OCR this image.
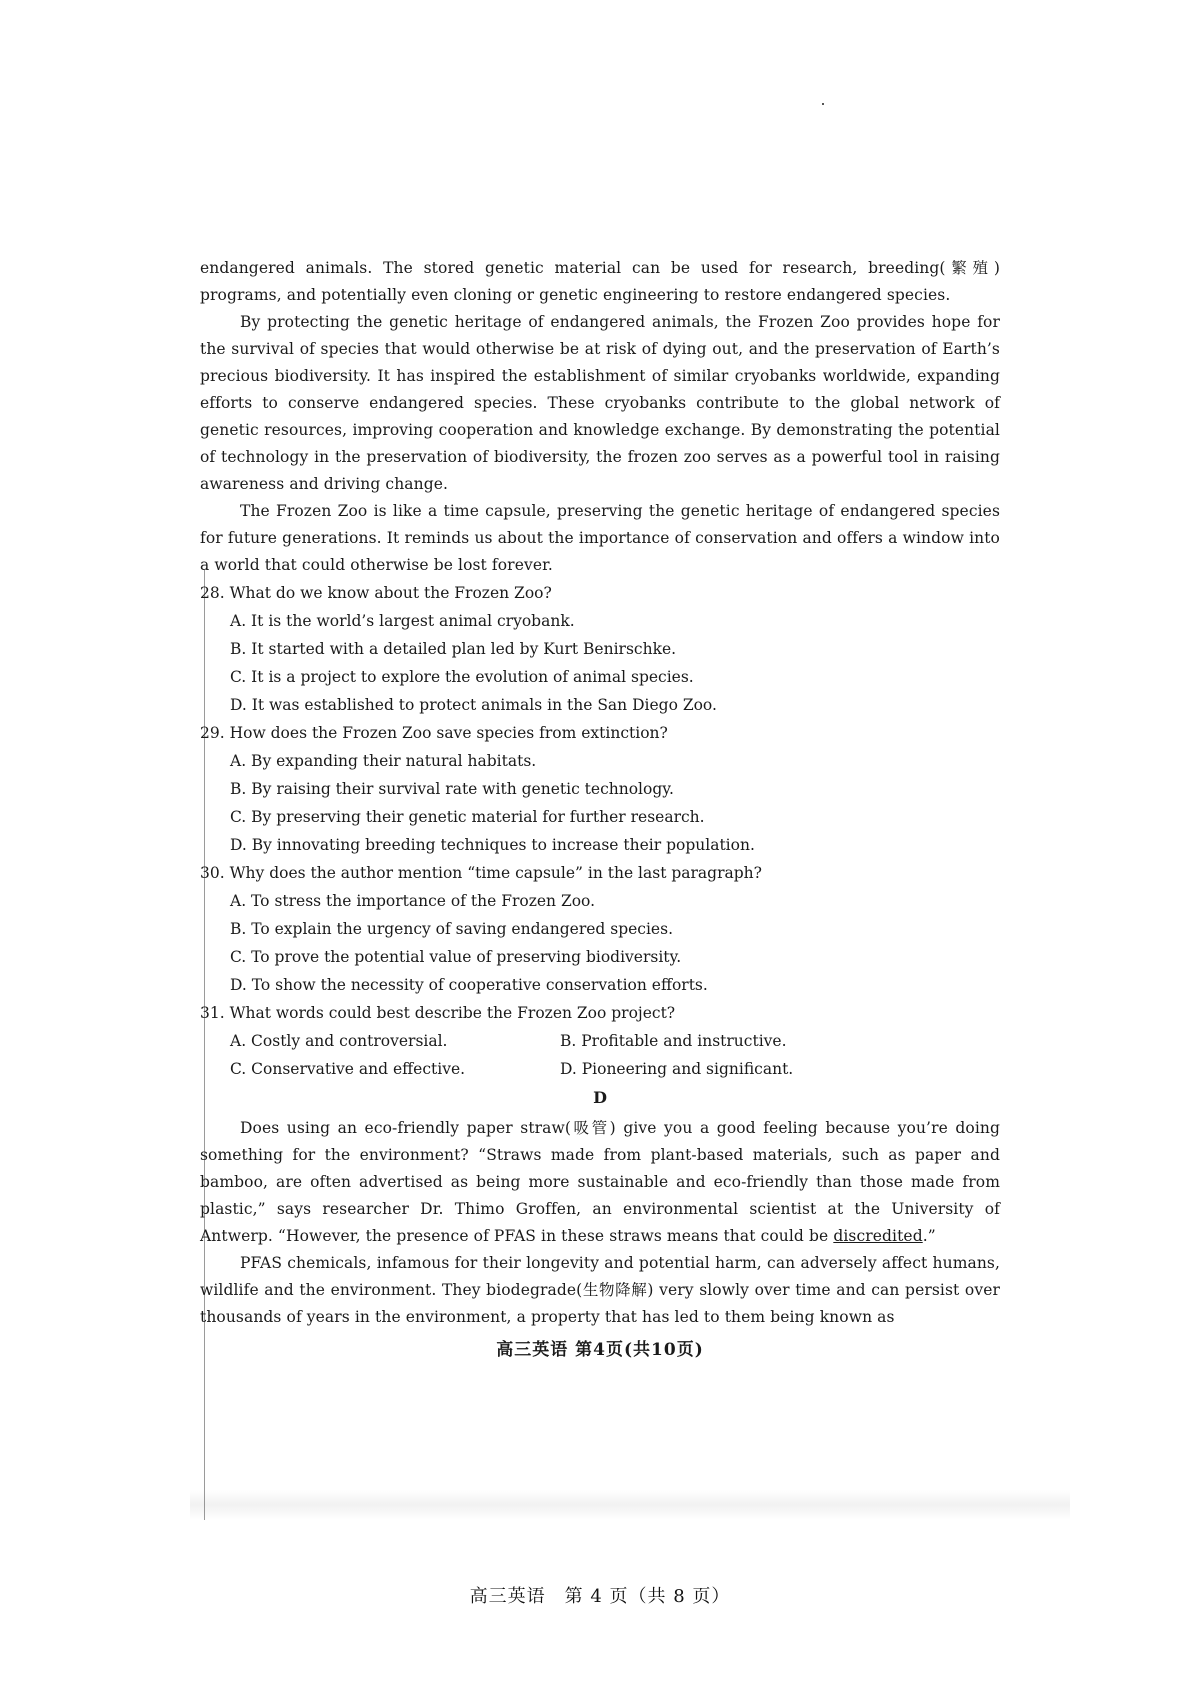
endangered animals. The stored genetic material can be used for research, breeding(繁殖) programs, and potentially even cloning or genetic engineering to restore endangered species.

By protecting the genetic heritage of endangered animals, the Frozen Zoo provides hope for the survival of species that would otherwise be at risk of dying out, and the preservation of Earth’s precious biodiversity. It has inspired the establishment of similar cryobanks worldwide, expanding efforts to conserve endangered species. These cryobanks contribute to the global network of genetic resources, improving cooperation and knowledge exchange. By demonstrating the potential of technology in the preservation of biodiversity, the frozen zoo serves as a powerful tool in raising awareness and driving change.

The Frozen Zoo is like a time capsule, preserving the genetic heritage of endangered species for future generations. It reminds us about the importance of conservation and offers a window into a world that could otherwise be lost forever.

28. What do we know about the Frozen Zoo?

A. It is the world’s largest animal cryobank.
B. It started with a detailed plan led by Kurt Benirschke.
C. It is a project to explore the evolution of animal species.
D. It was established to protect animals in the San Diego Zoo.

29. How does the Frozen Zoo save species from extinction?

A. By expanding their natural habitats.
B. By raising their survival rate with genetic technology.
C. By preserving their genetic material for further research.
D. By innovating breeding techniques to increase their population.

30. Why does the author mention “time capsule” in the last paragraph?

A. To stress the importance of the Frozen Zoo.
B. To explain the urgency of saving endangered species.
C. To prove the potential value of preserving biodiversity.
D. To show the necessity of cooperative conservation efforts.

31. What words could best describe the Frozen Zoo project?

A. Costly and controversial.	B. Profitable and instructive.
C. Conservative and effective.	D. Pioneering and significant.
D

Does using an eco-friendly paper straw(吸管) give you a good feeling because you’re doing something for the environment? “Straws made from plant-based materials, such as paper and bamboo, are often advertised as being more sustainable and eco-friendly than those made from plastic,” says researcher Dr. Thimo Groffen, an environmental scientist at the University of Antwerp. “However, the presence of PFAS in these straws means that could be discredited.”

PFAS chemicals, infamous for their longevity and potential harm, can adversely affect humans, wildlife and the environment. They biodegrade(生物降解) very slowly over time and can persist over thousands of years in the environment, a property that has led to them being known as

高三英语 第4页(共10页)
高三英语　第 4 页（共 8 页）
